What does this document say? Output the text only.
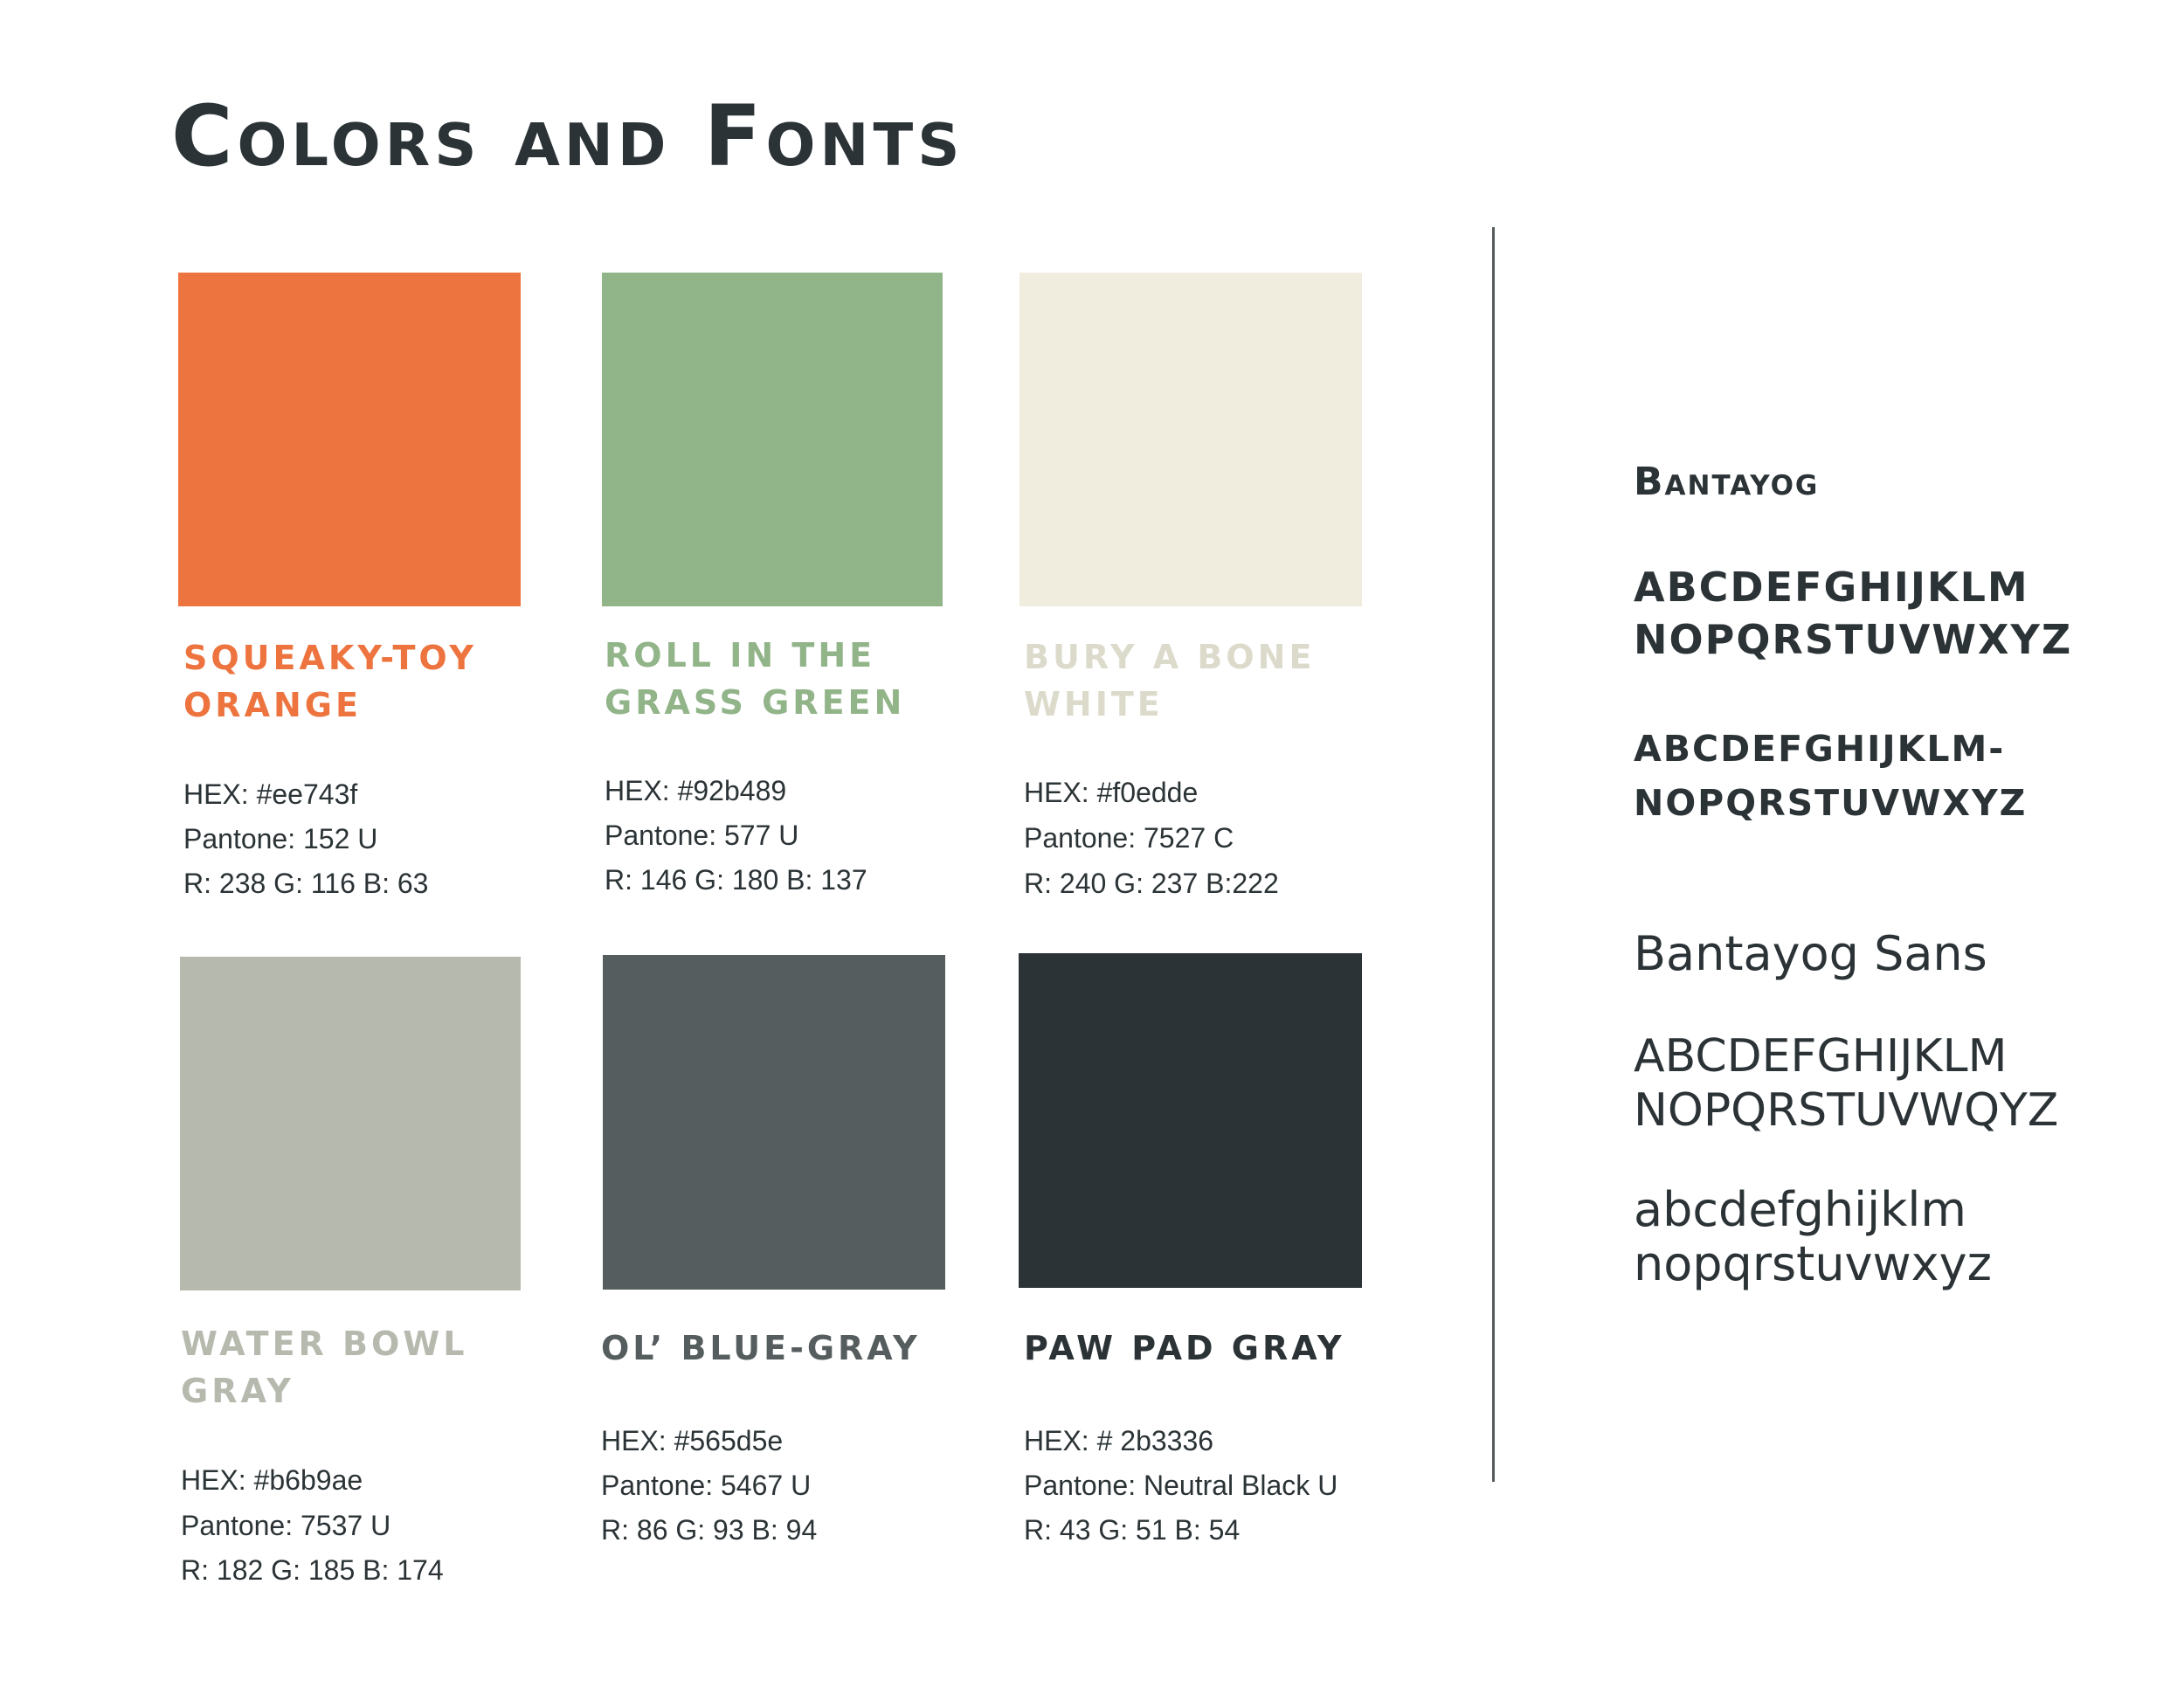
Colors and Fonts
SQUEAKY-TOY
ORANGE
HEX: #ee743f
Pantone: 152 U
R: 238 G: 116 B: 63
ROLL IN THE
GRASS GREEN
HEX: #92b489
Pantone: 577 U
R: 146 G: 180 B: 137
BURY A BONE
WHITE
HEX: #f0edde
Pantone: 7527 C
R: 240 G: 237 B:222
WATER BOWL
GRAY
HEX: #b6b9ae
Pantone: 7537 U
R: 182 G: 185 B: 174
OL’ BLUE-GRAY
HEX: #565d5e
Pantone: 5467 U
R: 86 G: 93 B: 94
PAW PAD GRAY
HEX: # 2b3336
Pantone: Neutral Black U
R: 43 G: 51 B: 54
Bantayog
ABCDEFGHIJKLM
NOPQRSTUVWXYZ
ABCDEFGHIJKLM-
NOPQRSTUVWXYZ
Bantayog Sans
ABCDEFGHIJKLM
NOPQRSTUVWQYZ
abcdefghijklm
nopqrstuvwxyz
